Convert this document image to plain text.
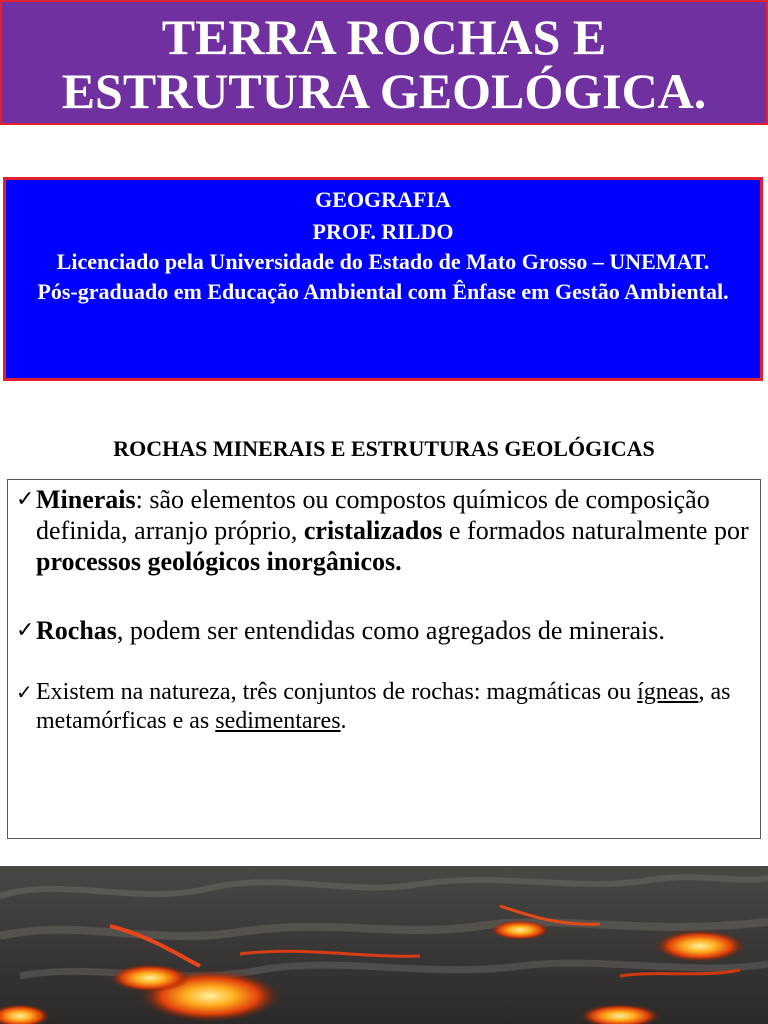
TERRA ROCHAS E
ESTRUTURA GEOLÓGICA.
GEOGRAFIA
PROF. RILDO
Licenciado pela Universidade do Estado de Mato Grosso – UNEMAT.
Pós-graduado em Educação Ambiental com Ênfase em Gestão Ambiental.
ROCHAS MINERAIS E ESTRUTURAS GEOLÓGICAS
✓ Minerais: são elementos ou compostos químicos de composição definida, arranjo próprio, cristalizados e formados naturalmente por processos geológicos inorgânicos.
✓ Rochas, podem ser entendidas como agregados de minerais.
✓ Existem na natureza, três conjuntos de rochas: magmáticas ou ígneas, as metamórficas e as sedimentares.
